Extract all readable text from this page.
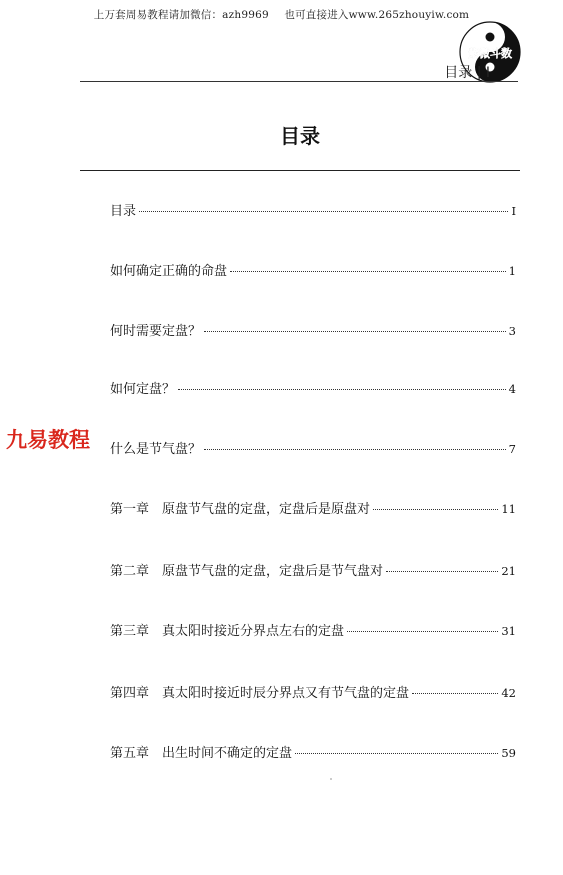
上万套周易教程请加微信：azh9969 也可直接进入www.265zhouyiw.com
紫微斗数
目录 | I
目录
九易教程
目录	I
如何确定正确的命盘	1
何时需要定盘？	3
如何定盘？	4
什么是节气盘？	7
第一章　原盘节气盘的定盘，定盘后是原盘对	11
第二章　原盘节气盘的定盘，定盘后是节气盘对	21
第三章　真太阳时接近分界点左右的定盘	31
第四章　真太阳时接近时辰分界点又有节气盘的定盘	42
第五章　出生时间不确定的定盘	59
